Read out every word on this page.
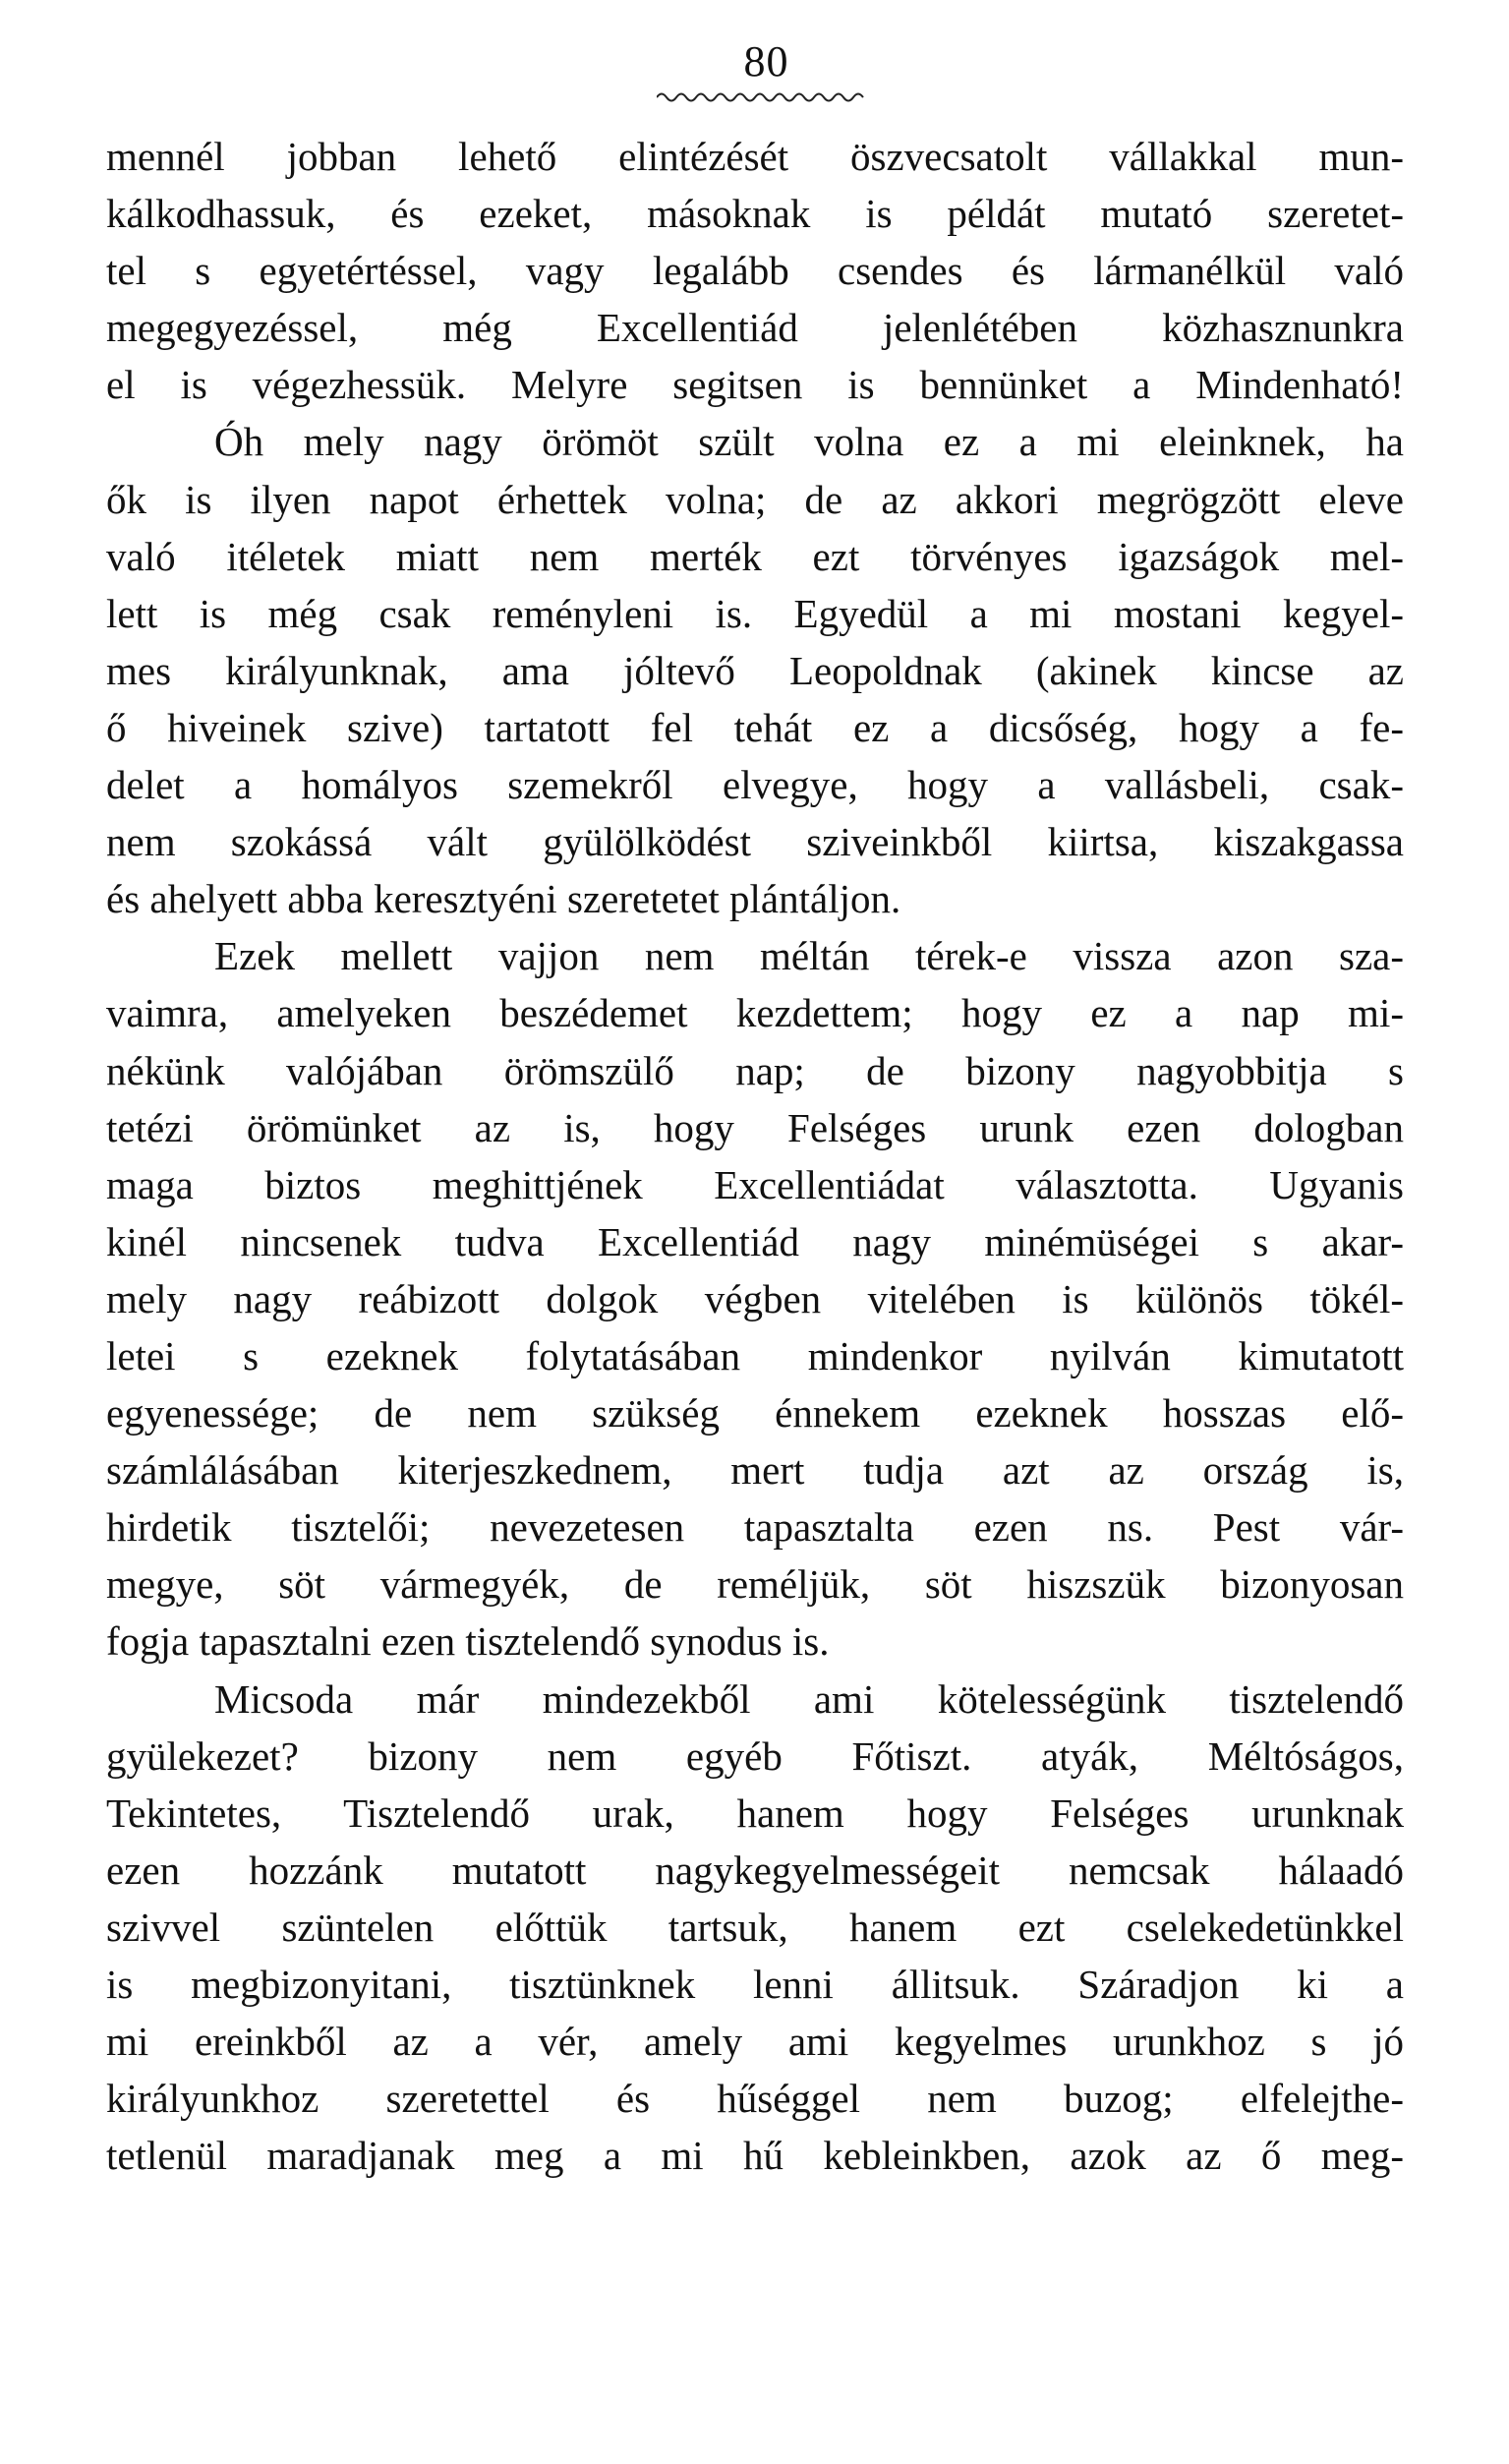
80
mennél jobban lehető elintézését öszvecsatolt vállakkal mun-
kálkodhassuk, és ezeket, másoknak is példát mutató szeretet-
tel s egyetértéssel, vagy legalább csendes és lármanélkül való
megegyezéssel, még Excellentiád jelenlétében közhasznunkra
el is végezhessük. Melyre segitsen is bennünket a Mindenható!
Óh mely nagy örömöt szült volna ez a mi eleinknek, ha
ők is ilyen napot érhettek volna; de az akkori megrögzött eleve
való itéletek miatt nem merték ezt törvényes igazságok mel-
lett is még csak reményleni is. Egyedül a mi mostani kegyel-
mes királyunknak, ama jóltevő Leopoldnak (akinek kincse az
ő hiveinek szive) tartatott fel tehát ez a dicsőség, hogy a fe-
delet a homályos szemekről elvegye, hogy a vallásbeli, csak-
nem szokássá vált gyülölködést sziveinkből kiirtsa, kiszakgassa
és ahelyett abba keresztyéni szeretetet plántáljon.
Ezek mellett vajjon nem méltán térek-e vissza azon sza-
vaimra, amelyeken beszédemet kezdettem; hogy ez a nap mi-
nékünk valójában örömszülő nap; de bizony nagyobbitja s
tetézi örömünket az is, hogy Felséges urunk ezen dologban
maga biztos meghittjének Excellentiádat választotta. Ugyanis
kinél nincsenek tudva Excellentiád nagy minémüségei s akar-
mely nagy reábizott dolgok végben vitelében is különös tökél-
letei s ezeknek folytatásában mindenkor nyilván kimutatott
egyenessége; de nem szükség énnekem ezeknek hosszas elő-
számlálásában kiterjeszkednem, mert tudja azt az ország is,
hirdetik tisztelői; nevezetesen tapasztalta ezen ns. Pest vár-
megye, söt vármegyék, de reméljük, söt hiszszük bizonyosan
fogja tapasztalni ezen tisztelendő synodus is.
Micsoda már mindezekből ami kötelességünk tisztelendő
gyülekezet? bizony nem egyéb Főtiszt. atyák, Méltóságos,
Tekintetes, Tisztelendő urak, hanem hogy Felséges urunknak
ezen hozzánk mutatott nagykegyelmességeit nemcsak hálaadó
szivvel szüntelen előttük tartsuk, hanem ezt cselekedetünkkel
is megbizonyitani, tisztünknek lenni állitsuk. Száradjon ki a
mi ereinkből az a vér, amely ami kegyelmes urunkhoz s jó
királyunkhoz szeretettel és hűséggel nem buzog; elfelejthe-
tetlenül maradjanak meg a mi hű kebleinkben, azok az ő meg-
